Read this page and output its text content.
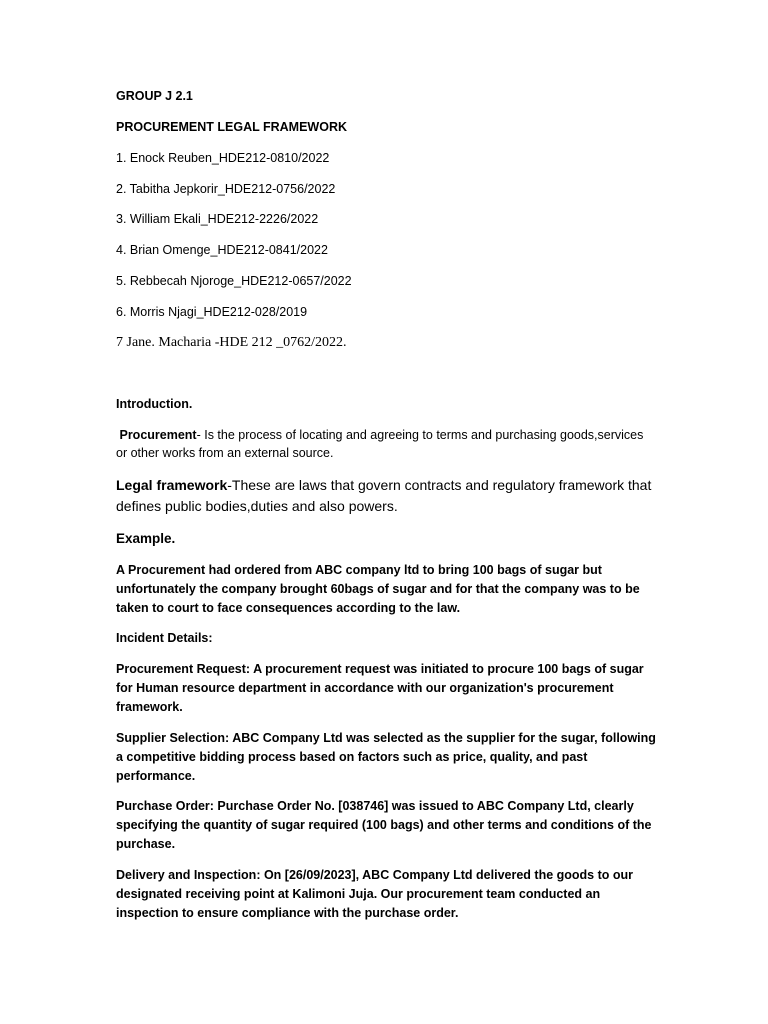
GROUP J 2.1
PROCUREMENT LEGAL FRAMEWORK
1. Enock Reuben_HDE212-0810/2022
2. Tabitha Jepkorir_HDE212-0756/2022
3. William Ekali_HDE212-2226/2022
4. Brian Omenge_HDE212-0841/2022
5. Rebbecah Njoroge_HDE212-0657/2022
6. Morris Njagi_HDE212-028/2019
7 Jane. Macharia -HDE 212 _0762/2022.
Introduction.
Procurement- Is the process of locating and agreeing to terms and purchasing goods,services or other works from an external source.
Legal framework-These are laws that govern contracts and regulatory framework that defines public bodies,duties and also powers.
Example.
A Procurement had ordered from ABC company ltd to bring 100 bags of sugar but unfortunately the company brought 60bags of sugar and for that the company was to be taken to court to face consequences according to the law.
Incident Details:
Procurement Request: A procurement request was initiated to procure 100 bags of sugar for Human resource department in accordance with our organization's procurement framework.
Supplier Selection: ABC Company Ltd was selected as the supplier for the sugar, following a competitive bidding process based on factors such as price, quality, and past performance.
Purchase Order: Purchase Order No. [038746] was issued to ABC Company Ltd, clearly specifying the quantity of sugar required (100 bags) and other terms and conditions of the purchase.
Delivery and Inspection: On [26/09/2023], ABC Company Ltd delivered the goods to our designated receiving point at Kalimoni Juja. Our procurement team conducted an inspection to ensure compliance with the purchase order.
